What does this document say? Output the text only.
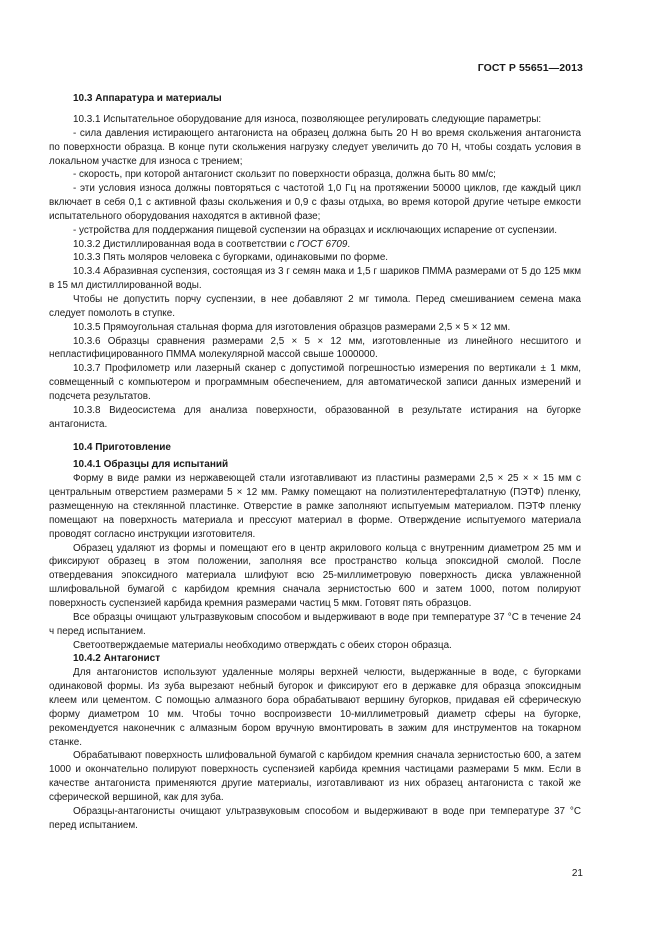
ГОСТ Р 55651—2013
10.3 Аппаратура и материалы

10.3.1 Испытательное оборудование для износа, позволяющее регулировать следующие параметры:

- сила давления истирающего антагониста на образец должна быть 20 Н во время скольжения антагониста по поверхности образца. В конце пути скольжения нагрузку следует увеличить до 70 Н, чтобы создать условия в локальном участке для износа с трением;

- скорость, при которой антагонист скользит по поверхности образца, должна быть 80 мм/с;

- эти условия износа должны повторяться с частотой 1,0 Гц на протяжении 50000 циклов, где каждый цикл включает в себя 0,1 с активной фазы скольжения и 0,9 с фазы отдыха, во время которой другие четыре емкости испытательного оборудования находятся в активной фазе;

- устройства для поддержания пищевой суспензии на образцах и исключающих испарение от суспензии.

10.3.2 Дистиллированная вода в соответствии с ГОСТ 6709.

10.3.3 Пять моляров человека с бугорками, одинаковыми по форме.

10.3.4 Абразивная суспензия, состоящая из 3 г семян мака и 1,5 г шариков ПММА размерами от 5 до 125 мкм в 15 мл дистиллированной воды.

Чтобы не допустить порчу суспензии, в нее добавляют 2 мг тимола. Перед смешиванием семена мака следует помолоть в ступке.

10.3.5 Прямоугольная стальная форма для изготовления образцов размерами 2,5 × 5 × 12 мм.

10.3.6 Образцы сравнения размерами 2,5 × 5 × 12 мм, изготовленные из линейного несшитого и непластифицированного ПММА молекулярной массой свыше 1000000.

10.3.7 Профилометр или лазерный сканер с допустимой погрешностью измерения по вертикали ± 1 мкм, совмещенный с компьютером и программным обеспечением, для автоматической записи данных измерений и подсчета результатов.

10.3.8 Видеосистема для анализа поверхности, образованной в результате истирания на бугорке антагониста.

10.4 Приготовление
10.4.1 Образцы для испытаний

Форму в виде рамки из нержавеющей стали изготавливают из пластины размерами 2,5 × 25 × × 15 мм с центральным отверстием размерами 5 × 12 мм. Рамку помещают на полиэтилентерефталатную (ПЭТФ) пленку, размещенную на стеклянной пластинке. Отверстие в рамке заполняют испытуемым материалом. ПЭТФ пленку помещают на поверхность материала и прессуют материал в форме. Отверждение испытуемого материала проводят согласно инструкции изготовителя.

Образец удаляют из формы и помещают его в центр акрилового кольца с внутренним диаметром 25 мм и фиксируют образец в этом положении, заполняя все пространство кольца эпоксидной смолой. После отвердевания эпоксидного материала шлифуют всю 25-миллиметровую поверхность диска увлажненной шлифовальной бумагой с карбидом кремния сначала зернистостью 600 и затем 1000, потом полируют поверхность суспензией карбида кремния размерами частиц 5 мкм. Готовят пять образцов.

Все образцы очищают ультразвуковым способом и выдерживают в воде при температуре 37 °С в течение 24 ч перед испытанием.

Светоотверждаемые материалы необходимо отверждать с обеих сторон образца.

10.4.2 Антагонист

Для антагонистов используют удаленные моляры верхней челюсти, выдержанные в воде, с бугорками одинаковой формы. Из зуба вырезают небный бугорок и фиксируют его в державке для образца эпоксидным клеем или цементом. С помощью алмазного бора обрабатывают вершину бугорков, придавая ей сферическую форму диаметром 10 мм. Чтобы точно воспроизвести 10-миллиметровый диаметр сферы на бугорке, рекомендуется наконечник с алмазным бором вручную вмонтировать в зажим для инструментов на токарном станке.

Обрабатывают поверхность шлифовальной бумагой с карбидом кремния сначала зернистостью 600, а затем 1000 и окончательно полируют поверхность суспензией карбида кремния частицами размерами 5 мкм. Если в качестве антагониста применяются другие материалы, изготавливают из них образец антагониста с такой же сферической вершиной, как для зуба.

Образцы-антагонисты очищают ультразвуковым способом и выдерживают в воде при температуре 37 °С перед испытанием.

21
